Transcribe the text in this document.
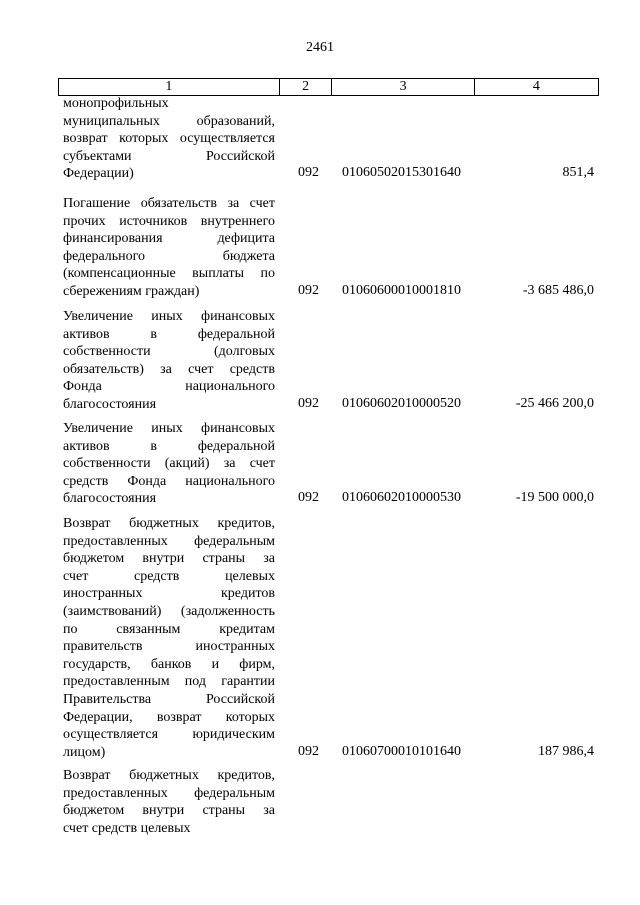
2461
1	2	3	4
монопрофильных
муниципальных образований,
возврат которых осуществляется
субъектами Российской
Федерации)	092 01060502015301640	851,4
Погашение обязательств за счет
прочих источников внутреннего
финансирования дефицита
федерального бюджета
(компенсационные выплаты по
сбережениям граждан)	092 01060600010001810	-3 685 486,0
Увеличение иных финансовых
активов в федеральной
собственности (долговых
обязательств) за счет средств
Фонда национального
благосостояния	092 01060602010000520	-25 466 200,0
Увеличение иных финансовых
активов в федеральной
собственности (акций) за счет
средств Фонда национального
благосостояния	092 01060602010000530	-19 500 000,0
Возврат бюджетных кредитов,
предоставленных федеральным
бюджетом внутри страны за
счет средств целевых
иностранных кредитов
(заимствований) (задолженность
по связанным кредитам
правительств иностранных
государств, банков и фирм,
предоставленным под гарантии
Правительства Российской
Федерации, возврат которых
осуществляется юридическим
лицом)	092 01060700010101640	187 986,4
Возврат бюджетных кредитов,
предоставленных федеральным
бюджетом внутри страны за
счет средств целевых
